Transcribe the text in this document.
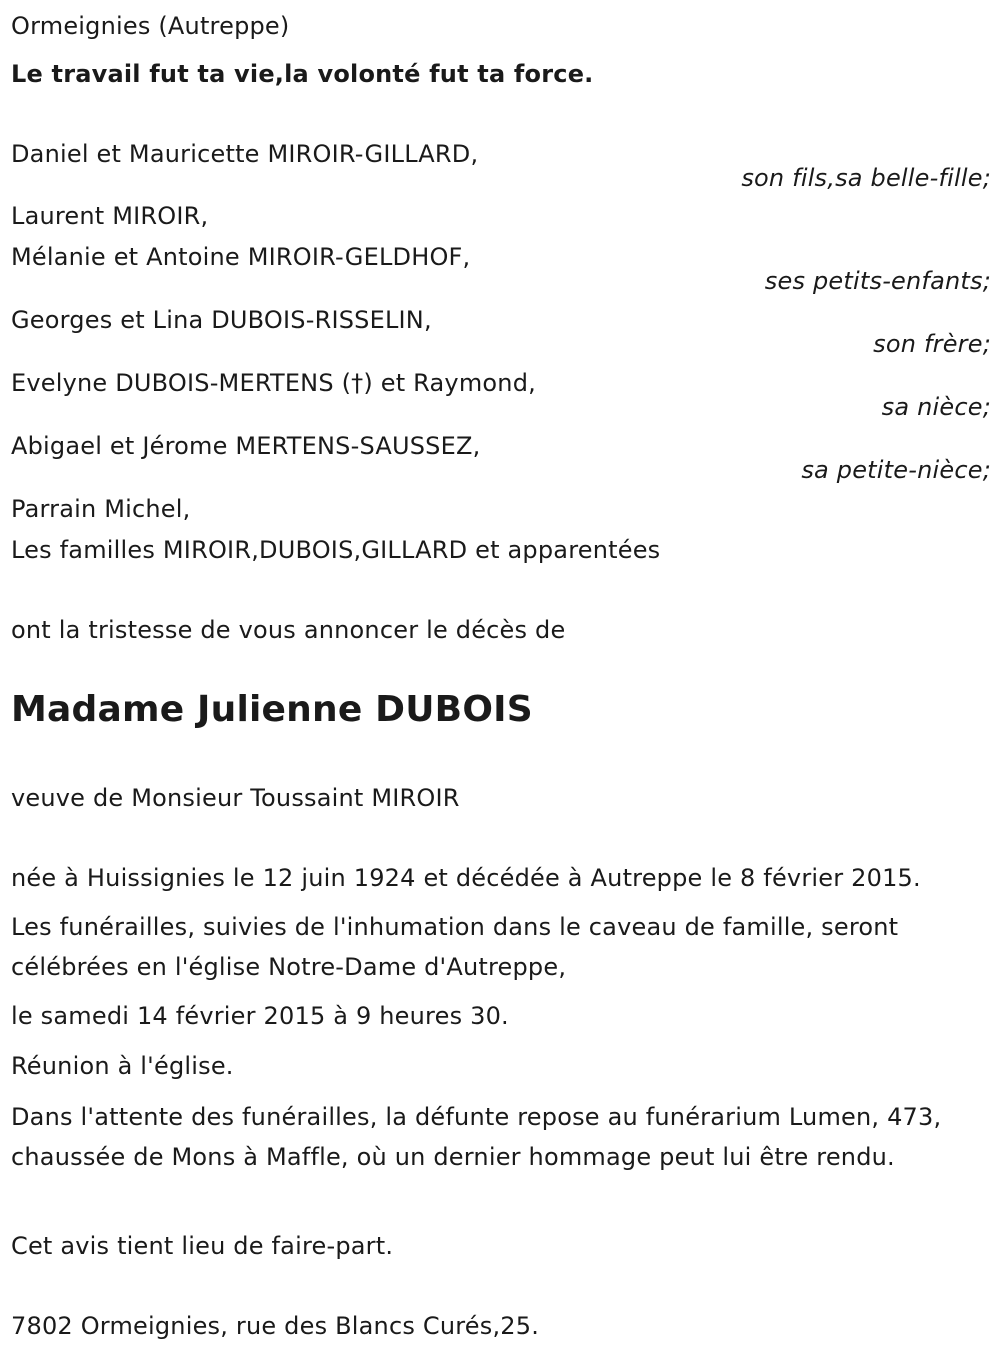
Ormeignies (Autreppe)
Le travail fut ta vie,la volonté fut ta force.
Daniel et Mauricette MIROIR-GILLARD,
son fils,sa belle-fille;
Laurent MIROIR,
Mélanie et Antoine MIROIR-GELDHOF,
ses petits-enfants;
Georges et Lina DUBOIS-RISSELIN,
son frère;
Evelyne DUBOIS-MERTENS (†) et Raymond,
sa nièce;
Abigael et Jérome MERTENS-SAUSSEZ,
sa petite-nièce;
Parrain Michel,
Les familles MIROIR,DUBOIS,GILLARD et apparentées
ont la tristesse de vous annoncer le décès de
Madame Julienne DUBOIS
veuve de Monsieur Toussaint MIROIR
née à Huissignies le 12 juin 1924 et décédée à Autreppe le 8 février 2015.
Les funérailles, suivies de l'inhumation dans le caveau de famille, seront célébrées en l'église Notre-Dame d'Autreppe,
le samedi 14 février 2015 à 9 heures 30.
Réunion à l'église.
Dans l'attente des funérailles, la défunte repose au funérarium Lumen, 473, chaussée de Mons à Maffle, où un dernier hommage peut lui être rendu.
Cet avis tient lieu de faire-part.
7802 Ormeignies, rue des Blancs Curés,25.
